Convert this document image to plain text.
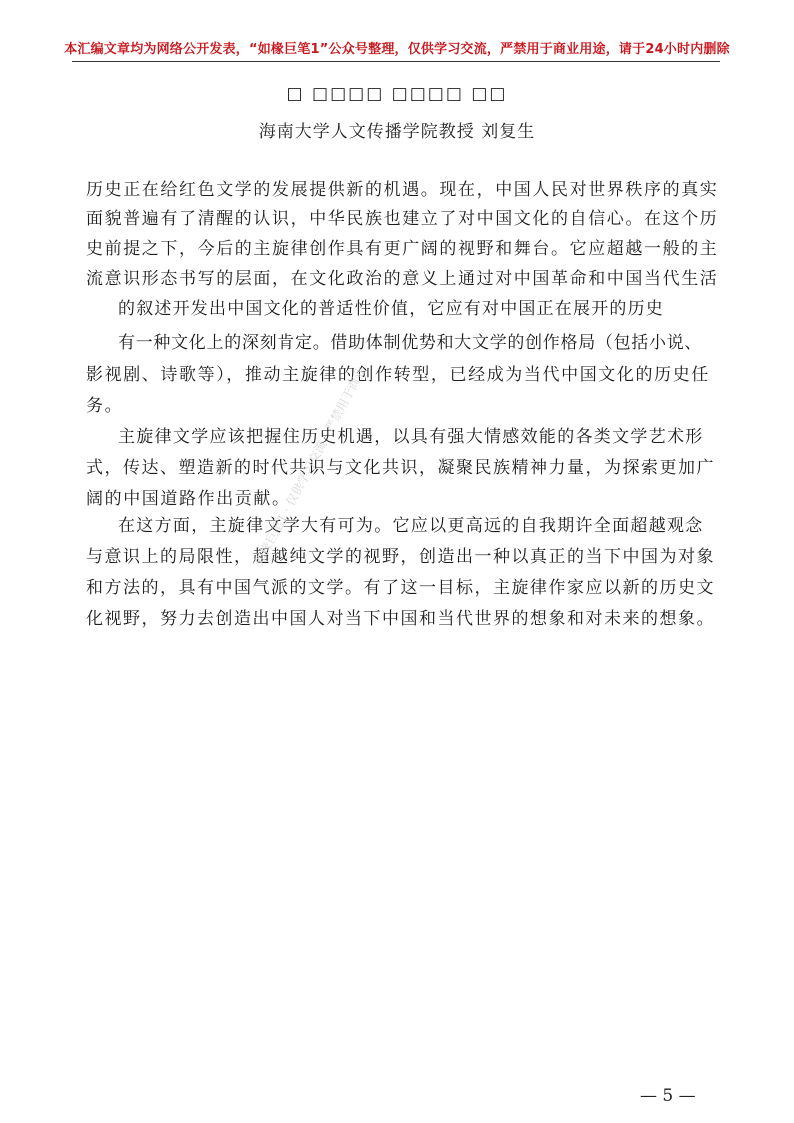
本汇编文章均为网络公开发表，“如椽巨笔1”公众号整理，仅供学习交流，严禁用于商业用途，请于24小时内删除
□ □□□□ □□□□ □□
海南大学人文传播学院教授 刘复生
历史正在给红色文学的发展提供新的机遇。现在，中国人民对世界秩序的真实
面貌普遍有了清醒的认识，中华民族也建立了对中国文化的自信心。在这个历
史前提之下，今后的主旋律创作具有更广阔的视野和舞台。它应超越一般的主
流意识形态书写的层面，在文化政治的意义上通过对中国革命和中国当代生活
的叙述开发出中国文化的普适性价值，它应有对中国正在展开的历史
有一种文化上的深刻肯定。借助体制优势和大文学的创作格局（包括小说、
影视剧、诗歌等），推动主旋律的创作转型，已经成为当代中国文化的历史任
务。
主旋律文学应该把握住历史机遇，以具有强大情感效能的各类文学艺术形
式，传达、塑造新的时代共识与文化共识，凝聚民族精神力量，为探索更加广
阔的中国道路作出贡献。
在这方面，主旋律文学大有可为。它应以更高远的自我期许全面超越观念
与意识上的局限性，超越纯文学的视野，创造出一种以真正的当下中国为对象
和方法的，具有中国气派的文学。有了这一目标，主旋律作家应以新的历史文
化视野，努力去创造出中国人对当下中国和当代世界的想象和对未来的想象。
如椽巨笔1 · 仅供学习交流 · 严禁用于商业
— 5 —
